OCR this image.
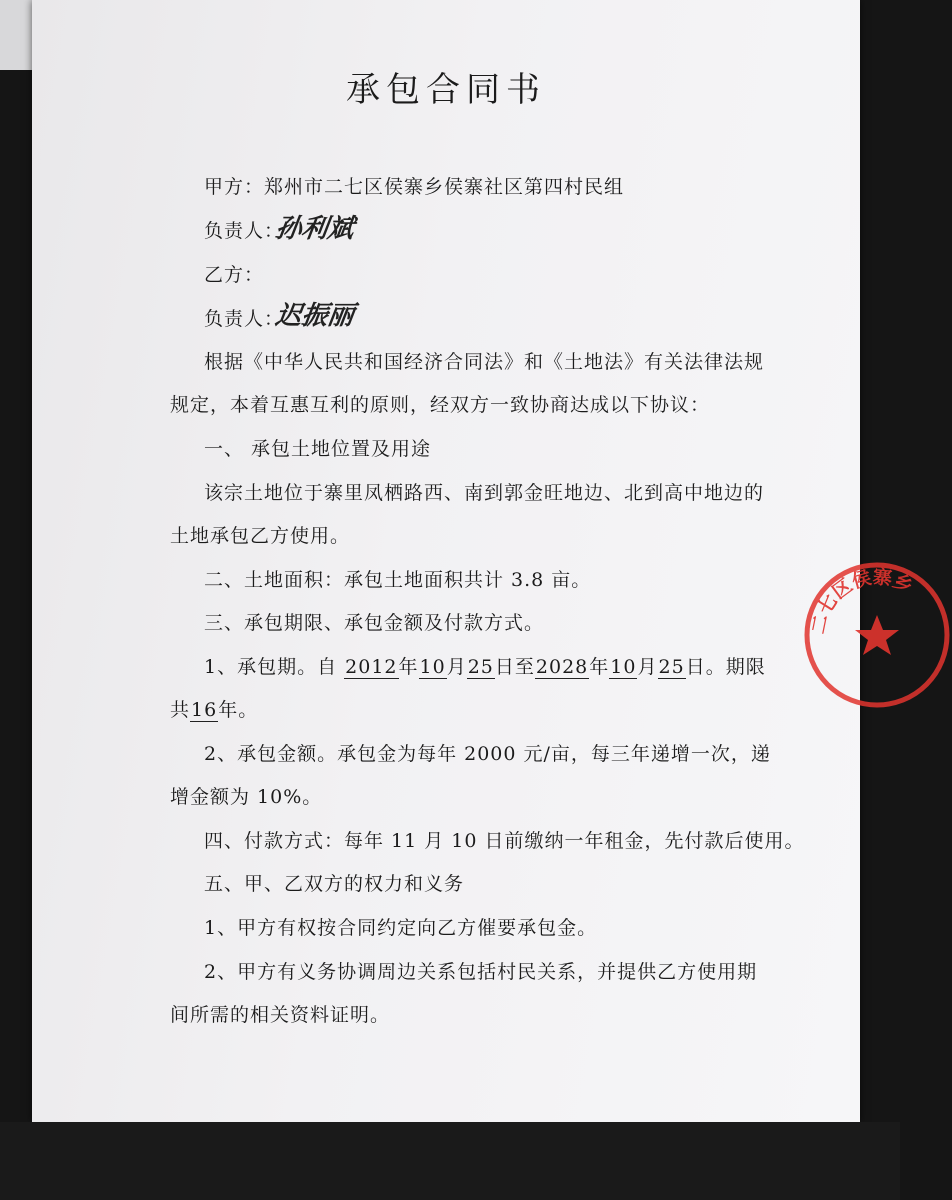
承包合同书
甲方：郑州市二七区侯寨乡侯寨社区第四村民组
负责人：
孙利斌
乙方：
负责人：
迟振丽
根据《中华人民共和国经济合同法》和《土地法》有关法律法规
规定，本着互惠互利的原则，经双方一致协商达成以下协议：
一、 承包土地位置及用途
该宗土地位于寨里凤栖路西、南到郭金旺地边、北到高中地边的
土地承包乙方使用。
二、土地面积：承包土地面积共计 3.8 亩。
三、承包期限、承包金额及付款方式。
1、承包期。自 2012年10月25日至2028年10月25日。期限
共16年。
2、承包金额。承包金为每年 2000 元/亩，每三年递增一次，递
增金额为 10%。
四、付款方式：每年 11 月 10 日前缴纳一年租金，先付款后使用。
五、甲、乙双方的权力和义务
1、甲方有权按合同约定向乙方催要承包金。
2、甲方有义务协调周边关系包括村民关系，并提供乙方使用期
间所需的相关资料证明。
二七区侯寨乡
